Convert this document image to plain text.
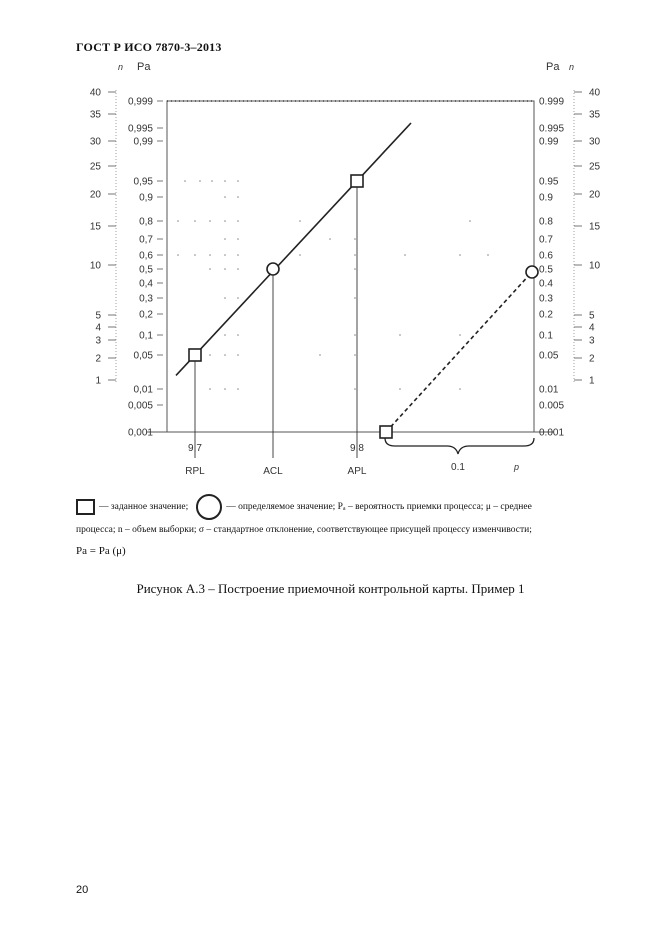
ГОСТ Р ИСО 7870-3–2013
0,999	0.999
0,995	0.995
0,99	0.99
0,95	0.95
0,9	0.9
0,8	0.8
0,7	0.7
0,6	0.6
0,5	0.5
0,4	0.4
0,3	0.3
0,2	0.2
0,1	0.1
0,05	0.05
0,01	0.01
0,005	0.005
0,001	0.001
40	40
35	35
30	30
25	25
20	20
15	15
10	10
5	5
4	4
3	3
2	2
1	1
n Pa	Pa n
9,7	9,8
RPL	ACL	APL	0.1	p
— заданное значение;	— определяемое значение; Pₐ – вероятность приемки процесса; μ – среднее
процесса; n – объем выборки; σ – стандартное отклонение, соответствующее присущей процессу изменчивости;
Pa = Pa (μ)
Рисунок А.3 – Построение приемочной контрольной карты. Пример 1
20
